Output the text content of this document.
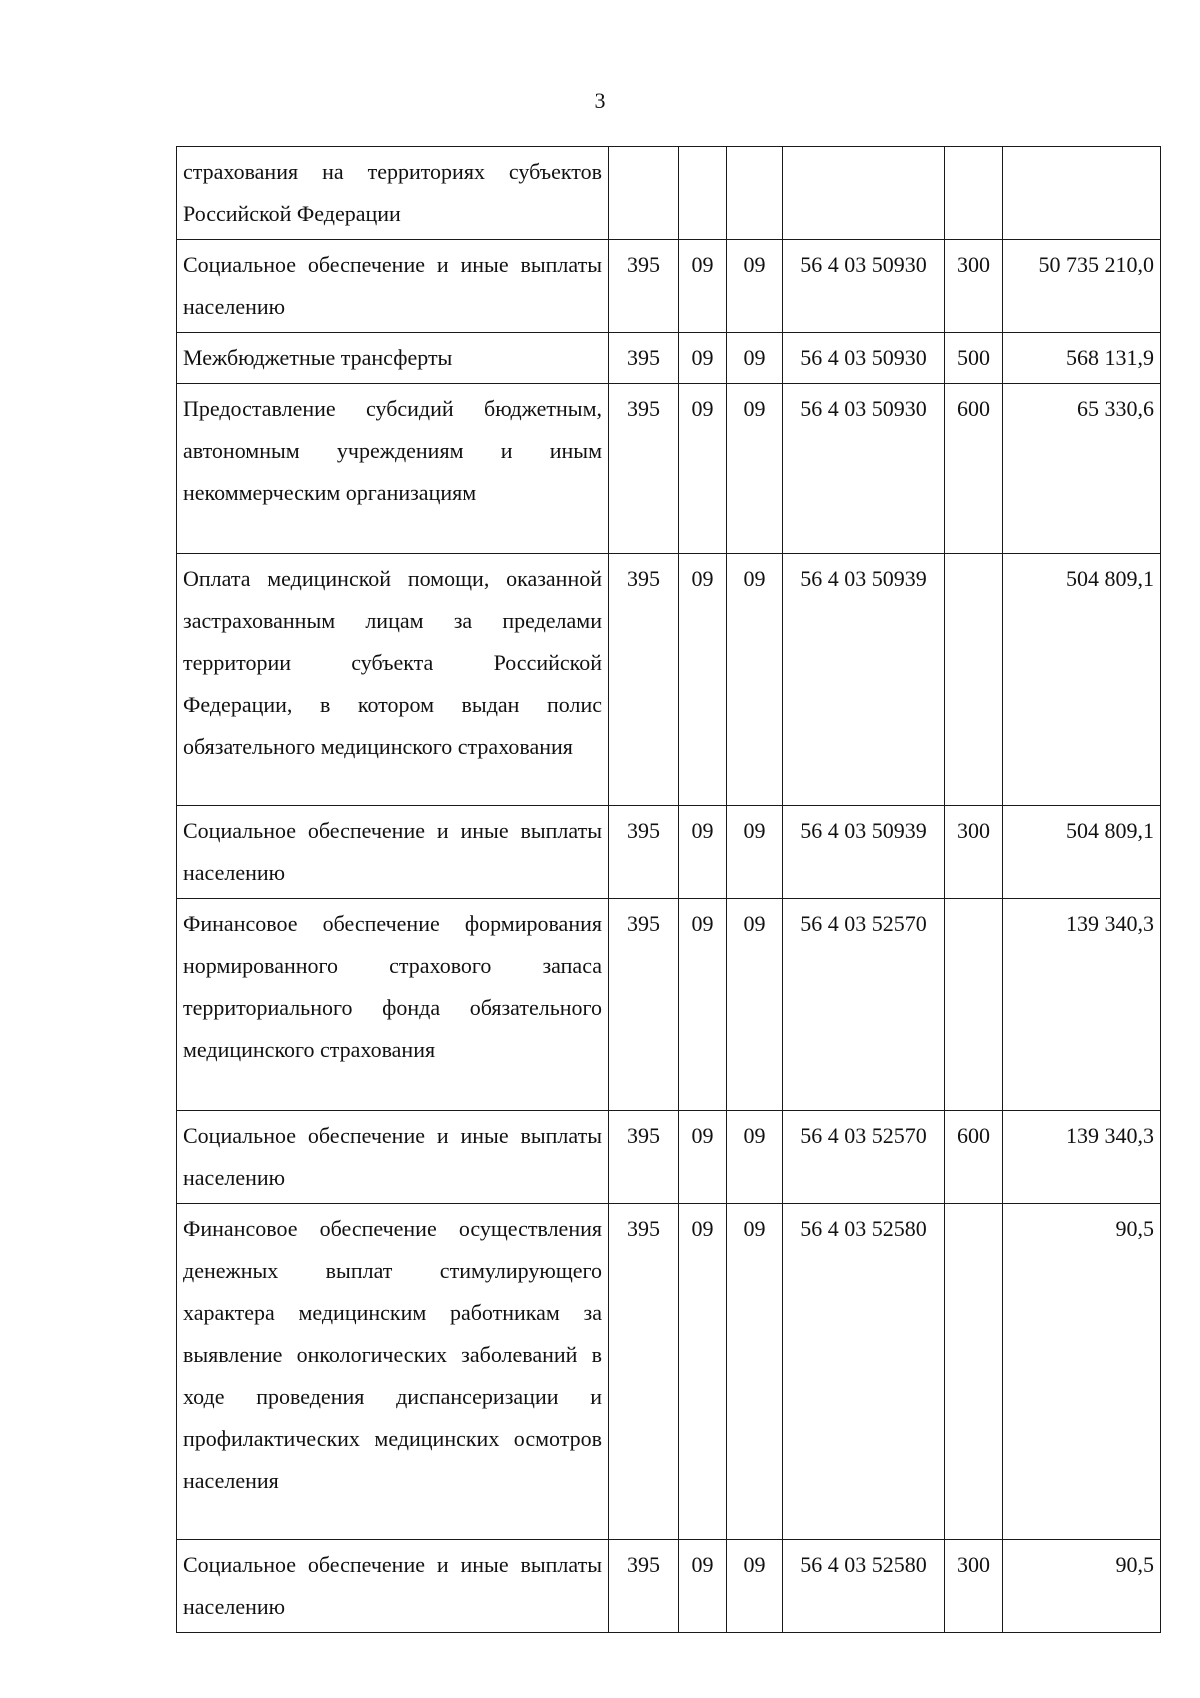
3
страхования на территориях субъектов Российской Федерации						
Социальное обеспечение и иные выплаты населению	395	09	09	56 4 03 50930	300	50 735 210,0
Межбюджетные трансферты	395	09	09	56 4 03 50930	500	568 131,9
Предоставление субсидий бюджетным, автономным учреждениям и иным некоммерческим организациям	395	09	09	56 4 03 50930	600	65 330,6
Оплата медицинской помощи, оказанной застрахованным лицам за пределами территории субъекта Российской Федерации, в котором выдан полис обязательного медицинского страхования	395	09	09	56 4 03 50939		504 809,1
Социальное обеспечение и иные выплаты населению	395	09	09	56 4 03 50939	300	504 809,1
Финансовое обеспечение формирования нормированного страхового запаса территориального фонда обязательного медицинского страхования	395	09	09	56 4 03 52570		139 340,3
Социальное обеспечение и иные выплаты населению	395	09	09	56 4 03 52570	600	139 340,3
Финансовое обеспечение осуществления денежных выплат стимулирующего характера медицинским работникам за выявление онкологических заболеваний в ходе проведения диспансеризации и профилактических медицинских осмотров населения	395	09	09	56 4 03 52580		90,5
Социальное обеспечение и иные выплаты населению	395	09	09	56 4 03 52580	300	90,5
